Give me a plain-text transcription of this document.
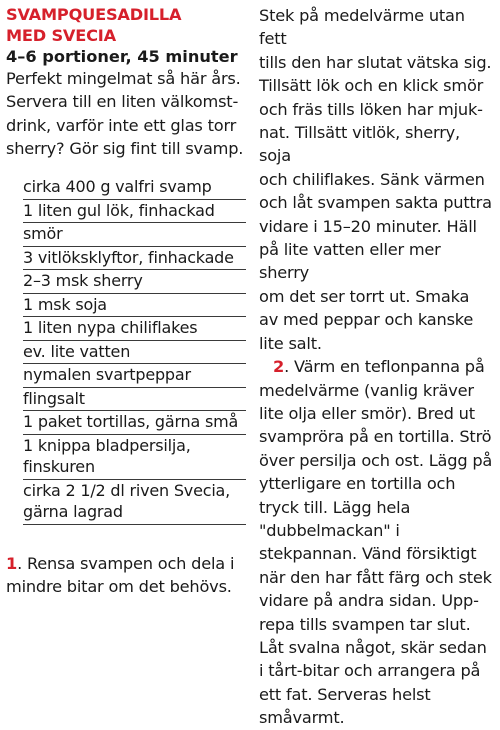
SVAMPQUESADILLA
MED SVECIA

4–6 portioner, 45 minuter

Perfekt mingelmat så här års. Servera till en liten välkomst-drink, varför inte ett glas torr sherry? Gör sig fint till svamp.

cirka 400 g valfri svamp
1 liten gul lök, finhackad
smör
3 vitlöksklyftor, finhackade
2–3 msk sherry
1 msk soja
1 liten nypa chiliflakes
ev. lite vatten
nymalen svartpeppar
flingsalt
1 paket tortillas, gärna små
1 knippa bladpersilja,
finskuren
cirka 2 1/2 dl riven Svecia,
gärna lagrad

1. Rensa svampen och dela i mindre bitar om det behövs.

Stek på medelvärme utan fett
tills den har slutat vätska sig.
Tillsätt lök och en klick smör
och fräs tills löken har mjuk-
nat. Tillsätt vitlök, sherry, soja
och chiliflakes. Sänk värmen
och låt svampen sakta puttra
vidare i 15–20 minuter. Häll
på lite vatten eller mer sherry
om det ser torrt ut. Smaka
av med peppar och kanske
lite salt.

2. Värm en teflonpanna på medelvärme (vanlig kräver lite olja eller smör). Bred ut svampröra på en tortilla. Strö över persilja och ost. Lägg på ytterligare en tortilla och tryck till. Lägg hela "dubbelmackan" i stekpannan. Vänd försiktigt när den har fått färg och stek vidare på andra sidan. Upp-repa tills svampen tar slut. Låt svalna något, skär sedan i tårt-bitar och arrangera på ett fat. Serveras helst småvarmt.
